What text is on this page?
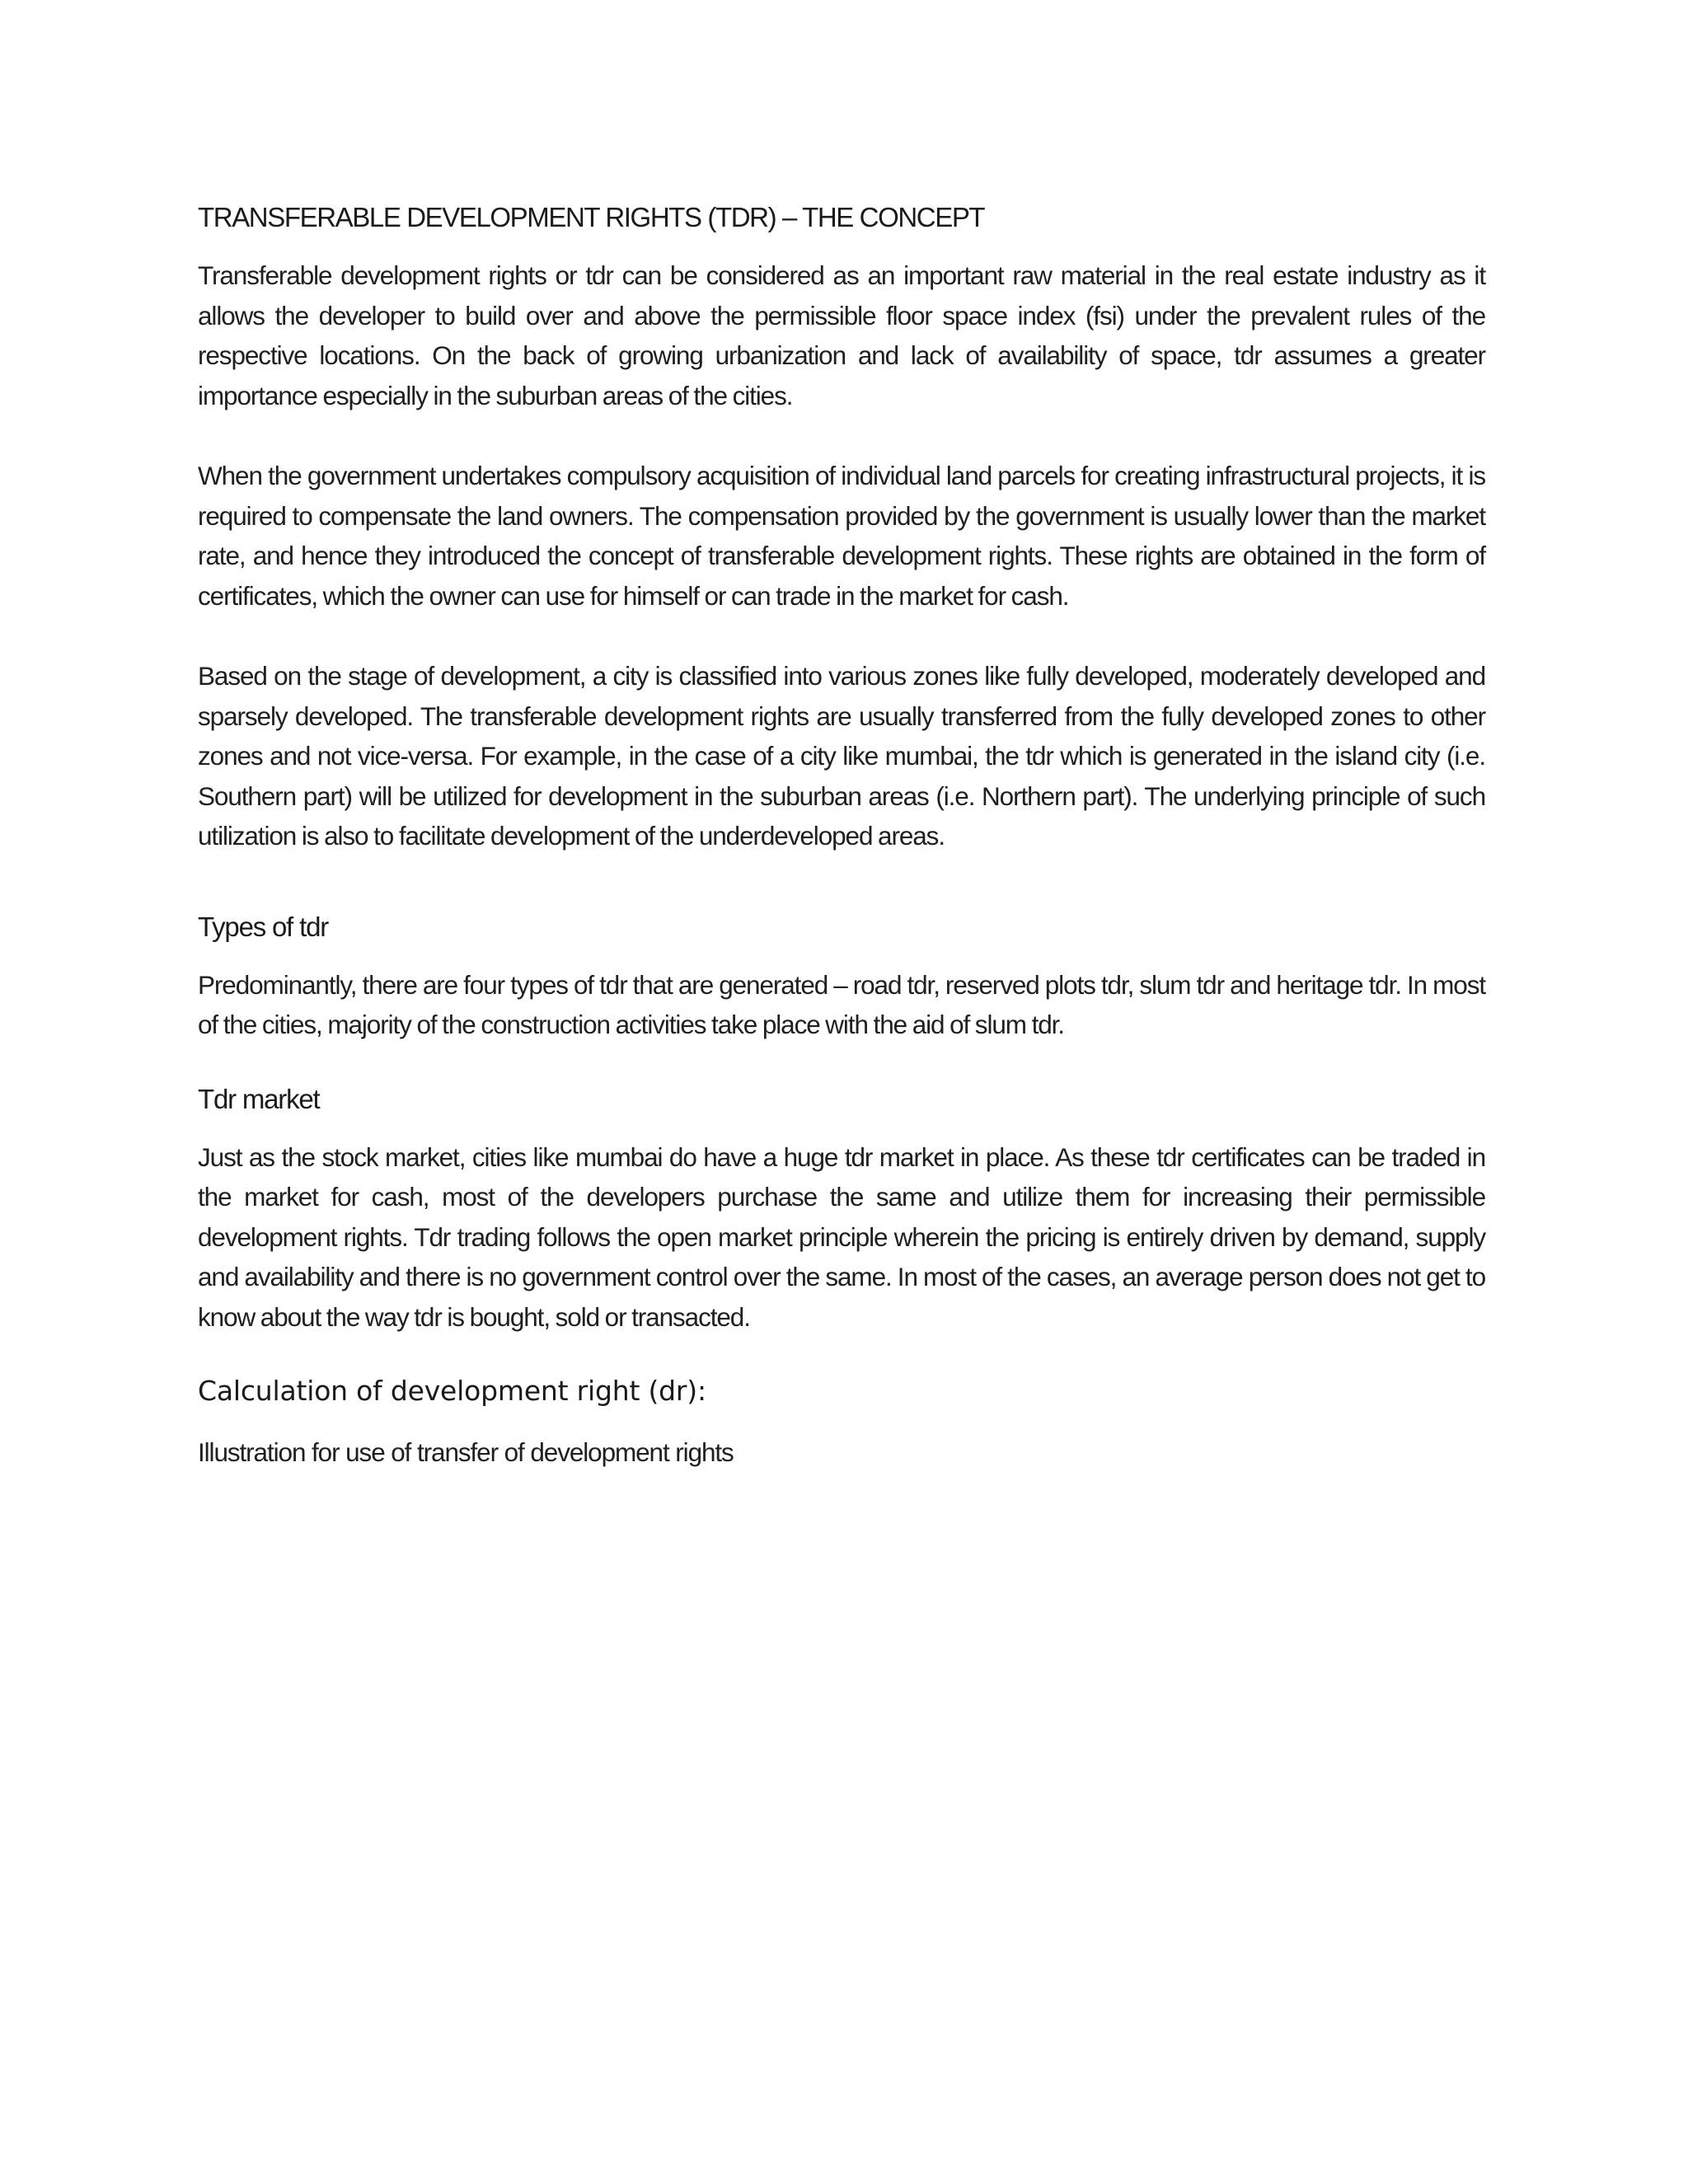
TRANSFERABLE DEVELOPMENT RIGHTS (TDR) – THE CONCEPT

Transferable development rights or tdr can be considered as an important raw material in the real estate industry as it allows the developer to build over and above the permissible floor space index (fsi) under the prevalent rules of the respective locations. On the back of growing urbanization and lack of availability of space, tdr assumes a greater importance especially in the suburban areas of the cities.

When the government undertakes compulsory acquisition of individual land parcels for creating infrastructural projects, it is required to compensate the land owners. The compensation provided by the government is usually lower than the market rate, and hence they introduced the concept of transferable development rights. These rights are obtained in the form of certificates, which the owner can use for himself or can trade in the market for cash.

Based on the stage of development, a city is classified into various zones like fully developed, moderately developed and sparsely developed. The transferable development rights are usually transferred from the fully developed zones to other zones and not vice-versa. For example, in the case of a city like mumbai, the tdr which is generated in the island city (i.e. Southern part) will be utilized for development in the suburban areas (i.e. Northern part). The underlying principle of such utilization is also to facilitate development of the underdeveloped areas.

Types of tdr

Predominantly, there are four types of tdr that are generated – road tdr, reserved plots tdr, slum tdr and heritage tdr. In most of the cities, majority of the construction activities take place with the aid of slum tdr.

Tdr market

Just as the stock market, cities like mumbai do have a huge tdr market in place. As these tdr certificates can be traded in the market for cash, most of the developers purchase the same and utilize them for increasing their permissible development rights. Tdr trading follows the open market principle wherein the pricing is entirely driven by demand, supply and availability and there is no government control over the same. In most of the cases, an average person does not get to know about the way tdr is bought, sold or transacted.

Calculation of development right (dr):

Illustration for use of transfer of development rights
